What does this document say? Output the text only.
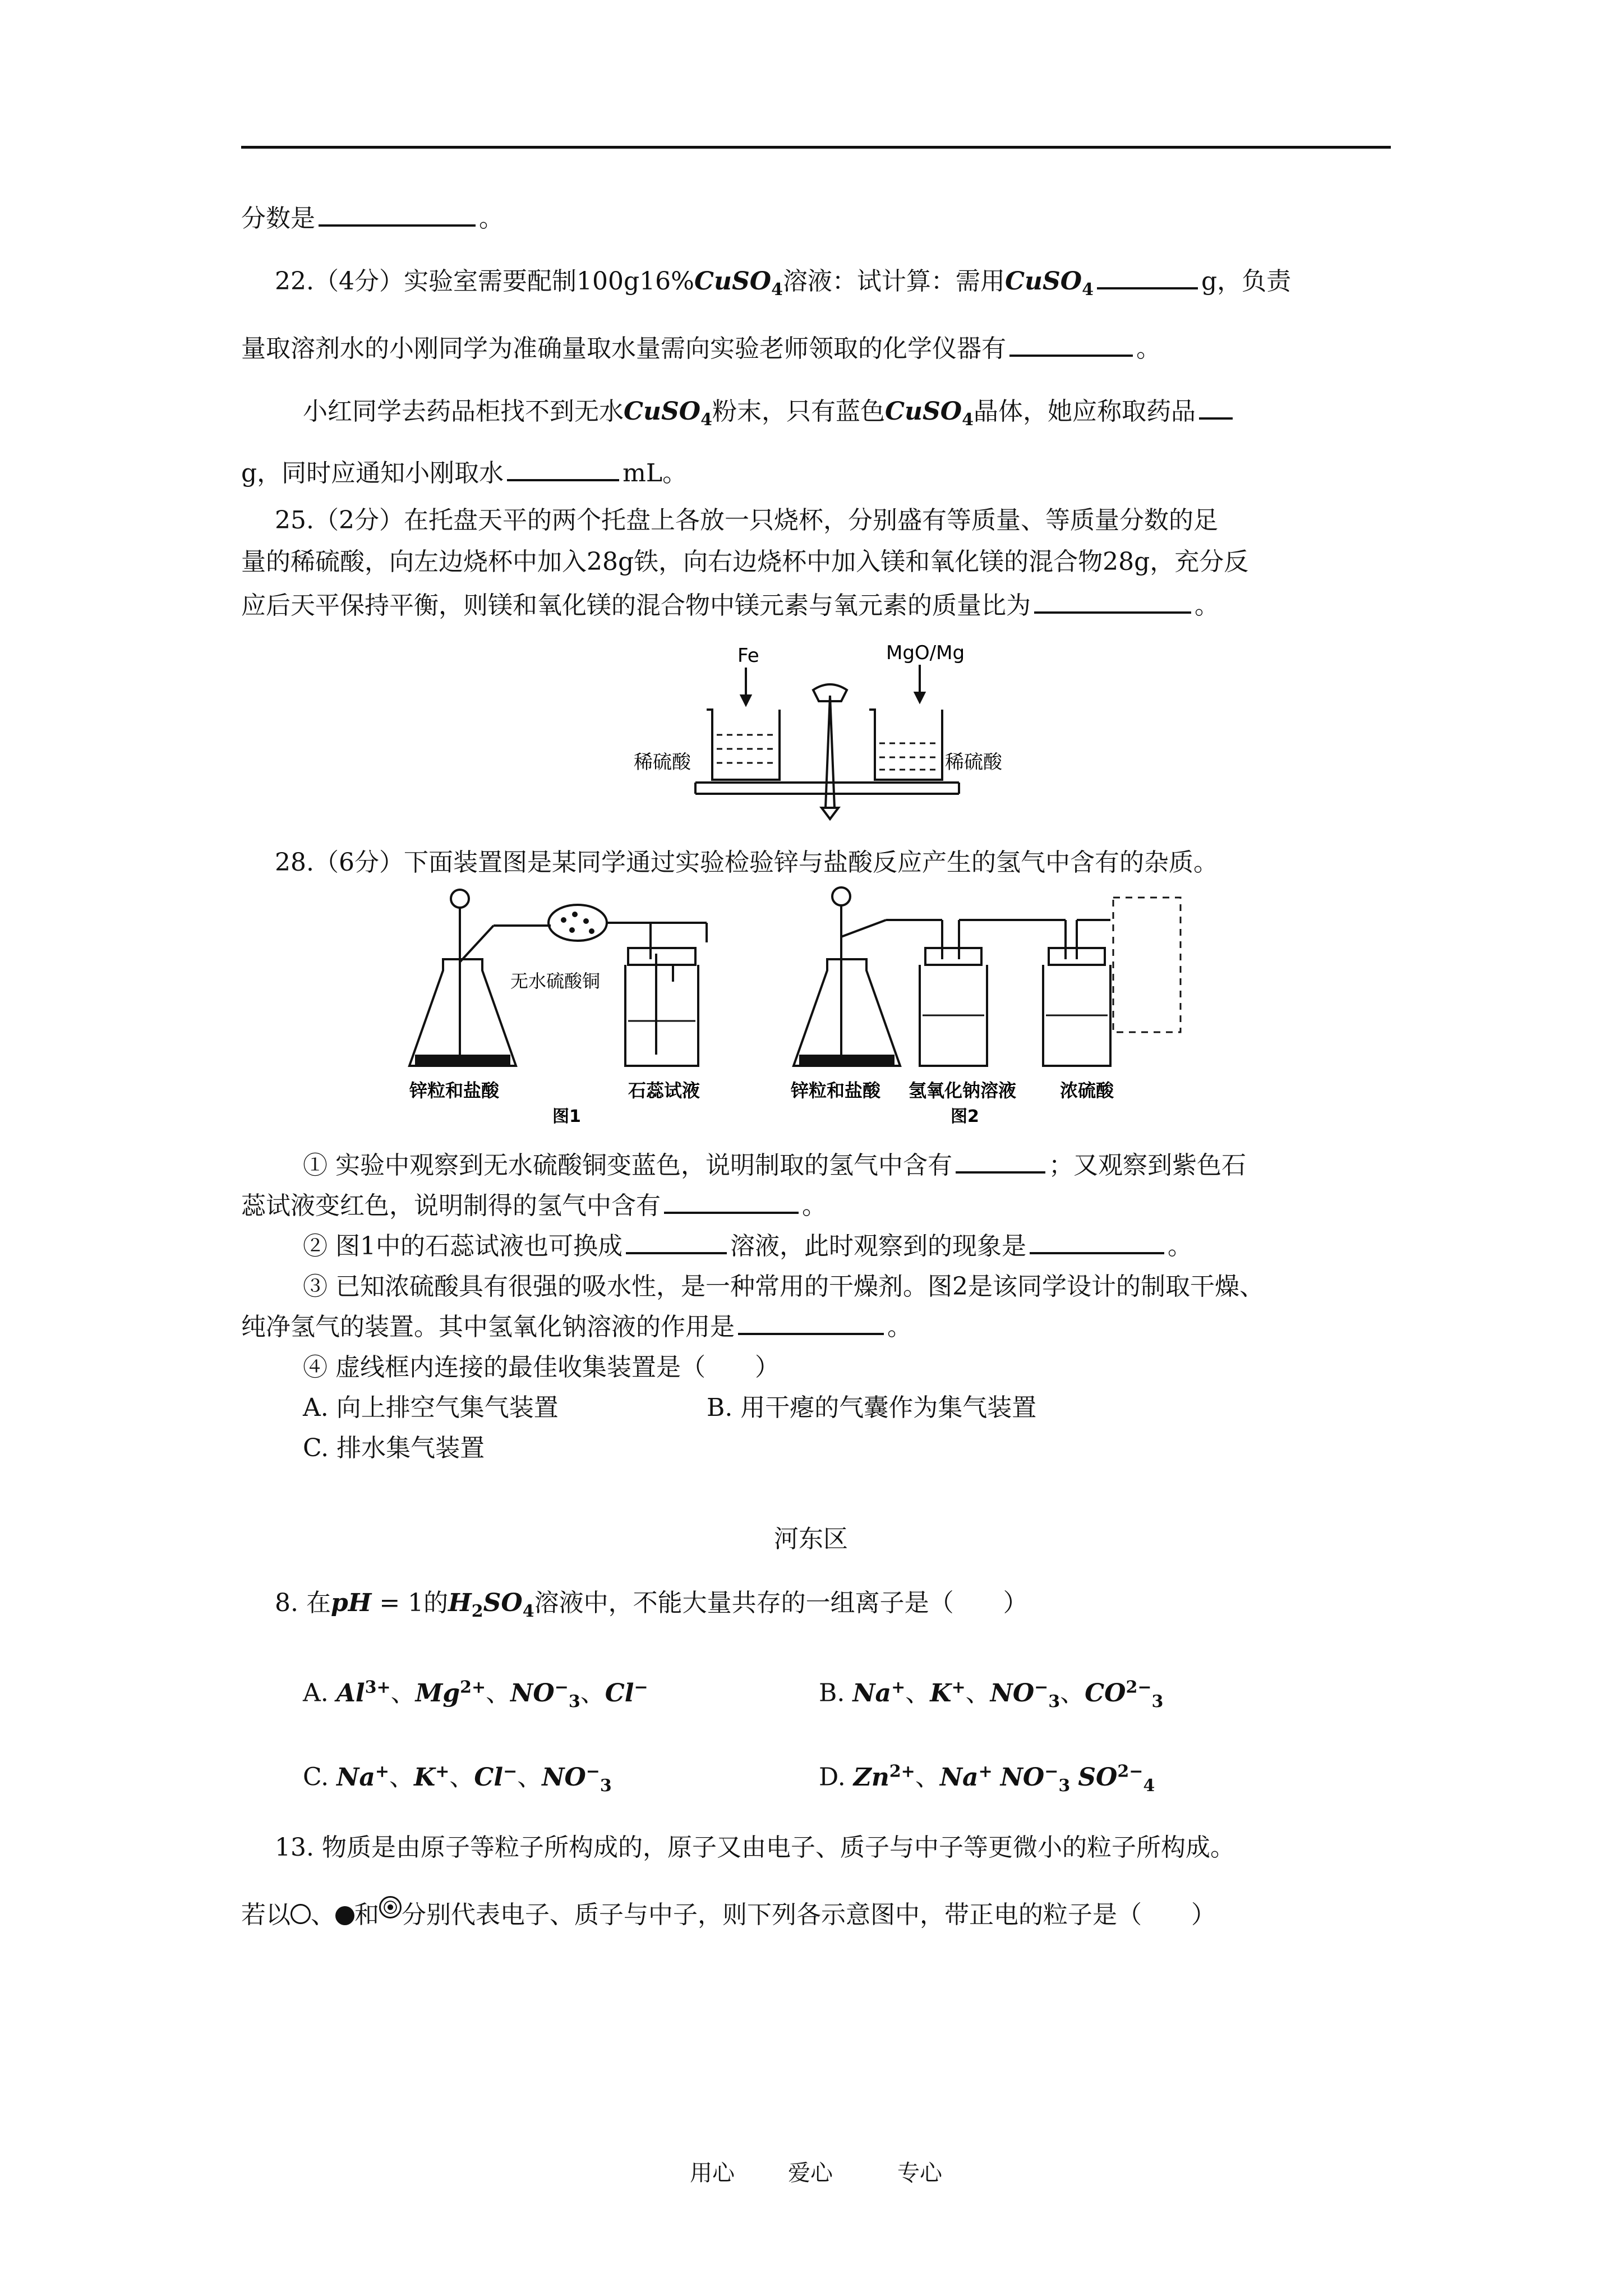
分数是	。
22.（4分）实验室需要配制100g16%CuSO$_4$溶液：试计算：需用CuSO$_4$	g，负责
量取溶剂水的小刚同学为准确量取水量需向实验老师领取的化学仪器有	。
小红同学去药品柜找不到无水CuSO$_4$粉末，只有蓝色CuSO$_4$晶体，她应称取药品
g，同时应通知小刚取水	mL。
25.（2分）在托盘天平的两个托盘上各放一只烧杯，分别盛有等质量、等质量分数的足
量的稀硫酸，向左边烧杯中加入28g铁，向右边烧杯中加入镁和氧化镁的混合物28g，充分反
应后天平保持平衡，则镁和氧化镁的混合物中镁元素与氧元素的质量比为	。
Fe	MgO/Mg
稀硫酸	稀硫酸
28.（6分）下面装置图是某同学通过实验检验锌与盐酸反应产生的氢气中含有的杂质。
无水硫酸铜
锌粒和盐酸	石蕊试液
图1
锌粒和盐酸 氢氧化钠溶液 浓硫酸
图2
① 实验中观察到无水硫酸铜变蓝色，说明制取的氢气中含有	；又观察到紫色石
蕊试液变红色，说明制得的氢气中含有	。
② 图1中的石蕊试液也可换成	溶液，此时观察到的现象是	。
③ 已知浓硫酸具有很强的吸水性，是一种常用的干燥剂。图2是该同学设计的制取干燥、
纯净氢气的装置。其中氢氧化钠溶液的作用是	。
④ 虚线框内连接的最佳收集装置是（　　）
A. 向上排空气集气装置	B. 用干瘪的气囊作为集气装置
C. 排水集气装置
河东区
8. 在pH = 1的$H_2SO_4$溶液中，不能大量共存的一组离子是（　　）
A. $Al^{3+}$、$Mg^{2+}$、$NO^-_3$、Cl−	B. Na+、K+、$NO^-_3$、$CO^{2-}_3$
C. Na+、K+、Cl−、$NO^-_3$	D. $Zn^{2+}$、Na+ $NO^-_3$ $SO^{2-}_4$
13. 物质是由原子等粒子所构成的，原子又由电子、质子与中子等更微小的粒子所构成。
若以 、 和 分别代表电子、质子与中子，则下列各示意图中，带正电的粒子是（　　）
用心 爱心	专心
